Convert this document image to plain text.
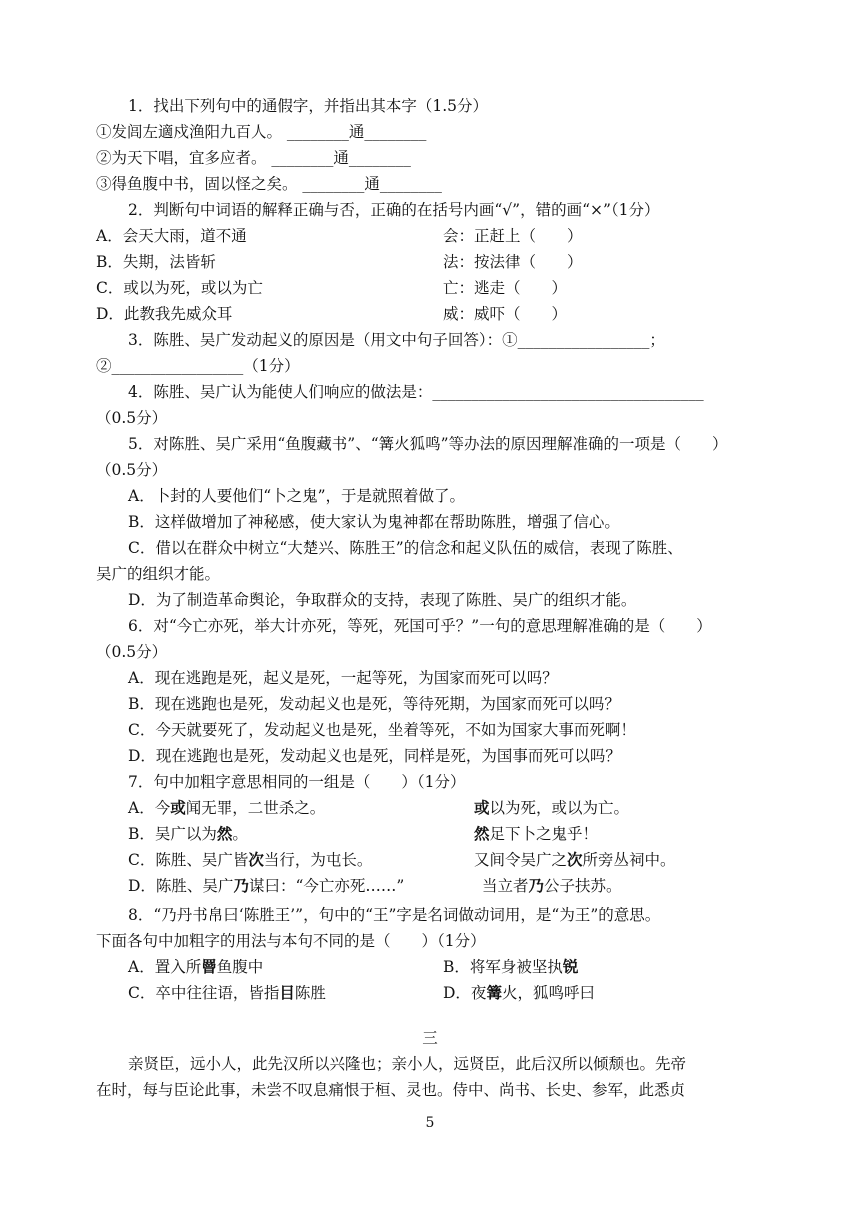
1．找出下列句中的通假字，并指出其本字（1.5分）
①发闾左適戍渔阳九百人。 ________通________
②为天下唱，宜多应者。 ________通________
③得鱼腹中书，固以怪之矣。 ________通________
2．判断句中词语的解释正确与否，正确的在括号内画“√”，错的画“×”（1分）
A．会天大雨，道不通	会：正赶上（　　）
B．失期，法皆斩	法：按法律（　　）
C．或以为死，或以为亡	亡：逃走（　　）
D．此教我先威众耳	威：威吓（　　）
3．陈胜、吴广发动起义的原因是（用文中句子回答）：①_________________；
②_________________（1分）
4．陈胜、吴广认为能使人们响应的做法是：___________________________________
（0.5分）
5．对陈胜、吴广采用“鱼腹藏书”、“篝火狐鸣”等办法的原因理解准确的一项是（　　）
（0.5分）
A．卜封的人要他们“卜之鬼”，于是就照着做了。
B．这样做增加了神秘感，使大家认为鬼神都在帮助陈胜，增强了信心。
C．借以在群众中树立“大楚兴、陈胜王”的信念和起义队伍的威信，表现了陈胜、
吴广的组织才能。
D．为了制造革命舆论，争取群众的支持，表现了陈胜、吴广的组织才能。
6．对“今亡亦死，举大计亦死，等死，死国可乎？”一句的意思理解准确的是（　　）
（0.5分）
A．现在逃跑是死，起义是死，一起等死，为国家而死可以吗？
B．现在逃跑也是死，发动起义也是死，等待死期，为国家而死可以吗？
C．今天就要死了，发动起义也是死，坐着等死，不如为国家大事而死啊！
D．现在逃跑也是死，发动起义也是死，同样是死，为国事而死可以吗？
7．句中加粗字意思相同的一组是（　　）（1分）
A．今或闻无罪，二世杀之。	或以为死，或以为亡。
B．吴广以为然。	然足下卜之鬼乎！
C．陈胜、吴广皆次当行，为屯长。	又间令吴广之次所旁丛祠中。
D．陈胜、吴广乃谋曰：“今亡亦死……”	当立者乃公子扶苏。
8．“乃丹书帛曰‘陈胜王’”，句中的“王”字是名词做动词用，是“为王”的意思。
下面各句中加粗字的用法与本句不同的是（　　）（1分）
A．置入所罾鱼腹中	B．将军身被坚执锐
C．卒中往往语，皆指目陈胜	D．夜篝火，狐鸣呼曰
三
亲贤臣，远小人，此先汉所以兴隆也；亲小人，远贤臣，此后汉所以倾颓也。先帝
在时，每与臣论此事，未尝不叹息痛恨于桓、灵也。侍中、尚书、长史、参军，此悉贞
5
